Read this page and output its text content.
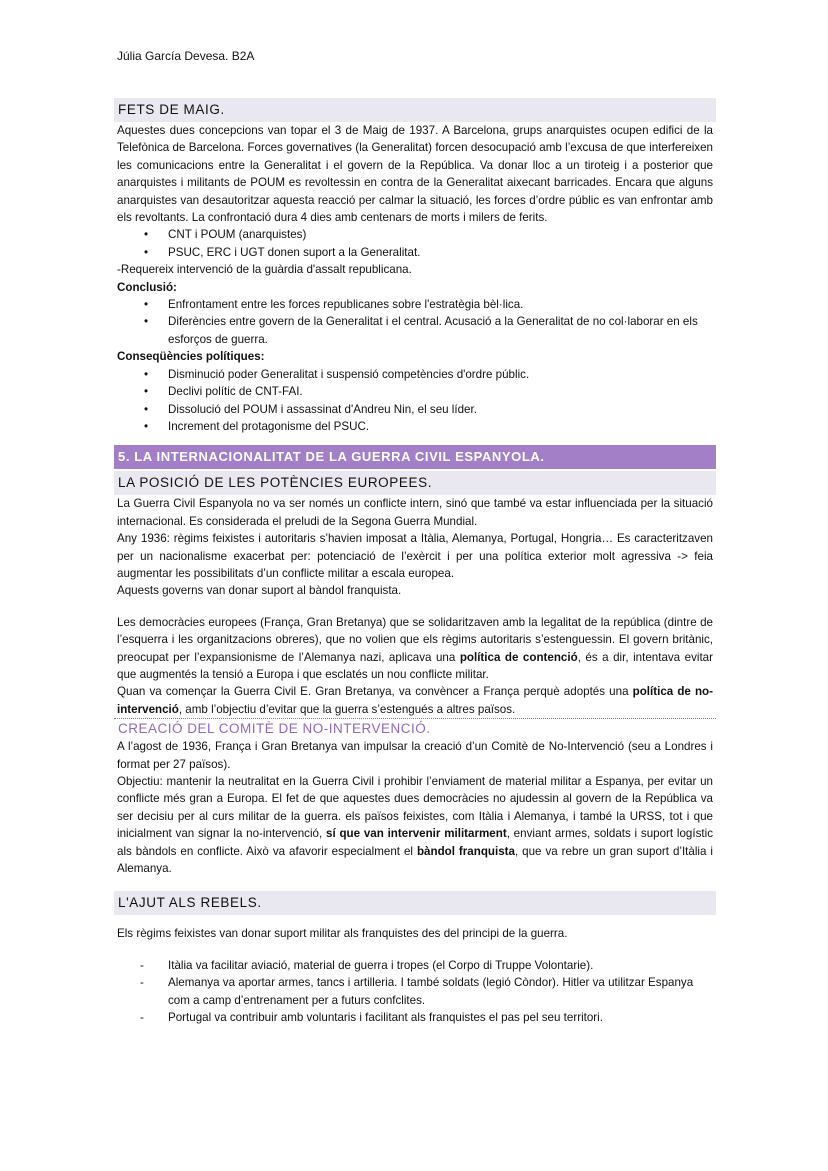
Júlia García Devesa. B2A
FETS DE MAIG.

Aquestes dues concepcions van topar el 3 de Maig de 1937. A Barcelona, grups anarquistes ocupen edifici de la Telefònica de Barcelona. Forces governatives (la Generalitat) forcen desocupació amb l’excusa de que interfereixen les comunicacions entre la Generalitat i el govern de la República. Va donar lloc a un tiroteig i a posterior que anarquistes i militants de POUM es revoltessin en contra de la Generalitat aixecant barricades. Encara que alguns anarquistes van desautoritzar aquesta reacció per calmar la situació, les forces d’ordre públic es van enfrontar amb els revoltants. La confrontació dura 4 dies amb centenars de morts i milers de ferits.

• CNT i POUM (anarquistes)
• PSUC, ERC i UGT donen suport a la Generalitat.

-Requereix intervenció de la guàrdia d'assalt republicana.

Conclusió:

• Enfrontament entre les forces republicanes sobre l'estratègia bèl·lica.
• Diferències entre govern de la Generalitat i el central. Acusació a la Generalitat de no col·laborar en els esforços de guerra.

Conseqüències polítiques:

• Disminució poder Generalitat i suspensió competències d'ordre públic.
• Declivi polític de CNT-FAI.
• Dissolució del POUM i assassinat d'Andreu Nin, el seu líder.
• Increment del protagonisme del PSUC.
5. LA INTERNACIONALITAT DE LA GUERRA CIVIL ESPANYOLA.
LA POSICIÓ DE LES POTÈNCIES EUROPEES.

La Guerra Civil Espanyola no va ser només un conflicte intern, sinó que també va estar influenciada per la situació internacional. Es considerada el preludi de la Segona Guerra Mundial.

Any 1936: règims feixistes i autoritaris s’havien imposat a Itàlia, Alemanya, Portugal, Hongria… Es caracteritzaven per un nacionalisme exacerbat per: potenciació de l’exèrcit i per una política exterior molt agressiva -> feia augmentar les possibilitats d’un conflicte militar a escala europea.

Aquests governs van donar suport al bàndol franquista.

Les democràcies europees (França, Gran Bretanya) que se solidaritzaven amb la legalitat de la república (dintre de l’esquerra i les organitzacions obreres), que no volien que els règims autoritaris s’estenguessin. El govern britànic, preocupat per l’expansionisme de l’Alemanya nazi, aplicava una política de contenció, és a dir, intentava evitar que augmentés la tensió a Europa i que esclatés un nou conflicte militar.

Quan va començar la Guerra Civil E. Gran Bretanya, va convèncer a França perquè adoptés una política de no-intervenció, amb l’objectiu d’evitar que la guerra s’estengués a altres països.

CREACIÓ DEL COMITÈ DE NO-INTERVENCIÓ.

A l’agost de 1936, França i Gran Bretanya van impulsar la creació d’un Comitè de No-Intervenció (seu a Londres i format per 27 països).

Objectiu: mantenir la neutralitat en la Guerra Civil i prohibir l’enviament de material militar a Espanya, per evitar un conflicte més gran a Europa. El fet de que aquestes dues democràcies no ajudessin al govern de la República va ser decisiu per al curs militar de la guerra. els països feixistes, com Itàlia i Alemanya, i també la URSS, tot i que inicialment van signar la no-intervenció, sí que van intervenir militarment, enviant armes, soldats i suport logístic als bàndols en conflicte. Això va afavorir especialment el bàndol franquista, que va rebre un gran suport d’Itàlia i Alemanya.

L'AJUT ALS REBELS.

Els règims feixistes van donar suport militar als franquistes des del principi de la guerra.

- Itàlia va facilitar aviació, material de guerra i tropes (el Corpo di Truppe Volontarie).
- Alemanya va aportar armes, tancs i artilleria. I també soldats (legió Còndor). Hitler va utilitzar Espanya com a camp d’entrenament per a futurs confclites.
- Portugal va contribuir amb voluntaris i facilitant als franquistes el pas pel seu territori.
